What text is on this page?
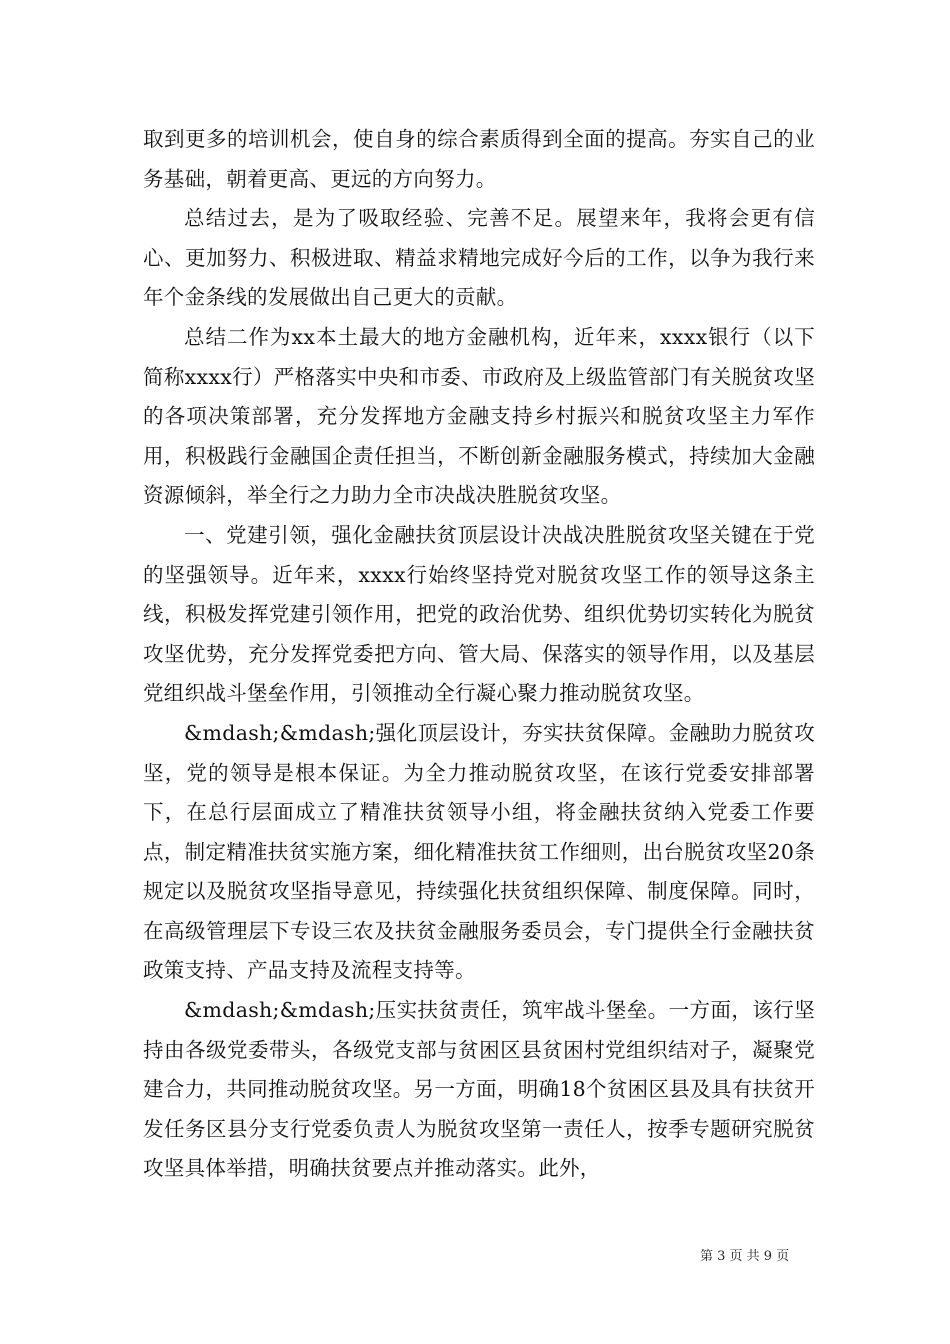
取到更多的培训机会，使自身的综合素质得到全面的提高。夯实自己的业务基础，朝着更高、更远的方向努力。

总结过去，是为了吸取经验、完善不足。展望来年，我将会更有信心、更加努力、积极进取、精益求精地完成好今后的工作，以争为我行来年个金条线的发展做出自己更大的贡献。

总结二作为xx本土最大的地方金融机构，近年来，xxxx银行（以下简称xxxx行）严格落实中央和市委、市政府及上级监管部门有关脱贫攻坚的各项决策部署，充分发挥地方金融支持乡村振兴和脱贫攻坚主力军作用，积极践行金融国企责任担当，不断创新金融服务模式，持续加大金融资源倾斜，举全行之力助力全市决战决胜脱贫攻坚。

一、党建引领，强化金融扶贫顶层设计决战决胜脱贫攻坚关键在于党的坚强领导。近年来，xxxx行始终坚持党对脱贫攻坚工作的领导这条主线，积极发挥党建引领作用，把党的政治优势、组织优势切实转化为脱贫攻坚优势，充分发挥党委把方向、管大局、保落实的领导作用，以及基层党组织战斗堡垒作用，引领推动全行凝心聚力推动脱贫攻坚。

&mdash;&mdash;强化顶层设计，夯实扶贫保障。金融助力脱贫攻坚，党的领导是根本保证。为全力推动脱贫攻坚，在该行党委安排部署下，在总行层面成立了精准扶贫领导小组，将金融扶贫纳入党委工作要点，制定精准扶贫实施方案，细化精准扶贫工作细则，出台脱贫攻坚20条规定以及脱贫攻坚指导意见，持续强化扶贫组织保障、制度保障。同时，在高级管理层下专设三农及扶贫金融服务委员会，专门提供全行金融扶贫政策支持、产品支持及流程支持等。

&mdash;&mdash;压实扶贫责任，筑牢战斗堡垒。一方面，该行坚持由各级党委带头，各级党支部与贫困区县贫困村党组织结对子，凝聚党建合力，共同推动脱贫攻坚。另一方面，明确18个贫困区县及具有扶贫开发任务区县分支行党委负责人为脱贫攻坚第一责任人，按季专题研究脱贫攻坚具体举措，明确扶贫要点并推动落实。此外，

第 3 页 共 9 页
